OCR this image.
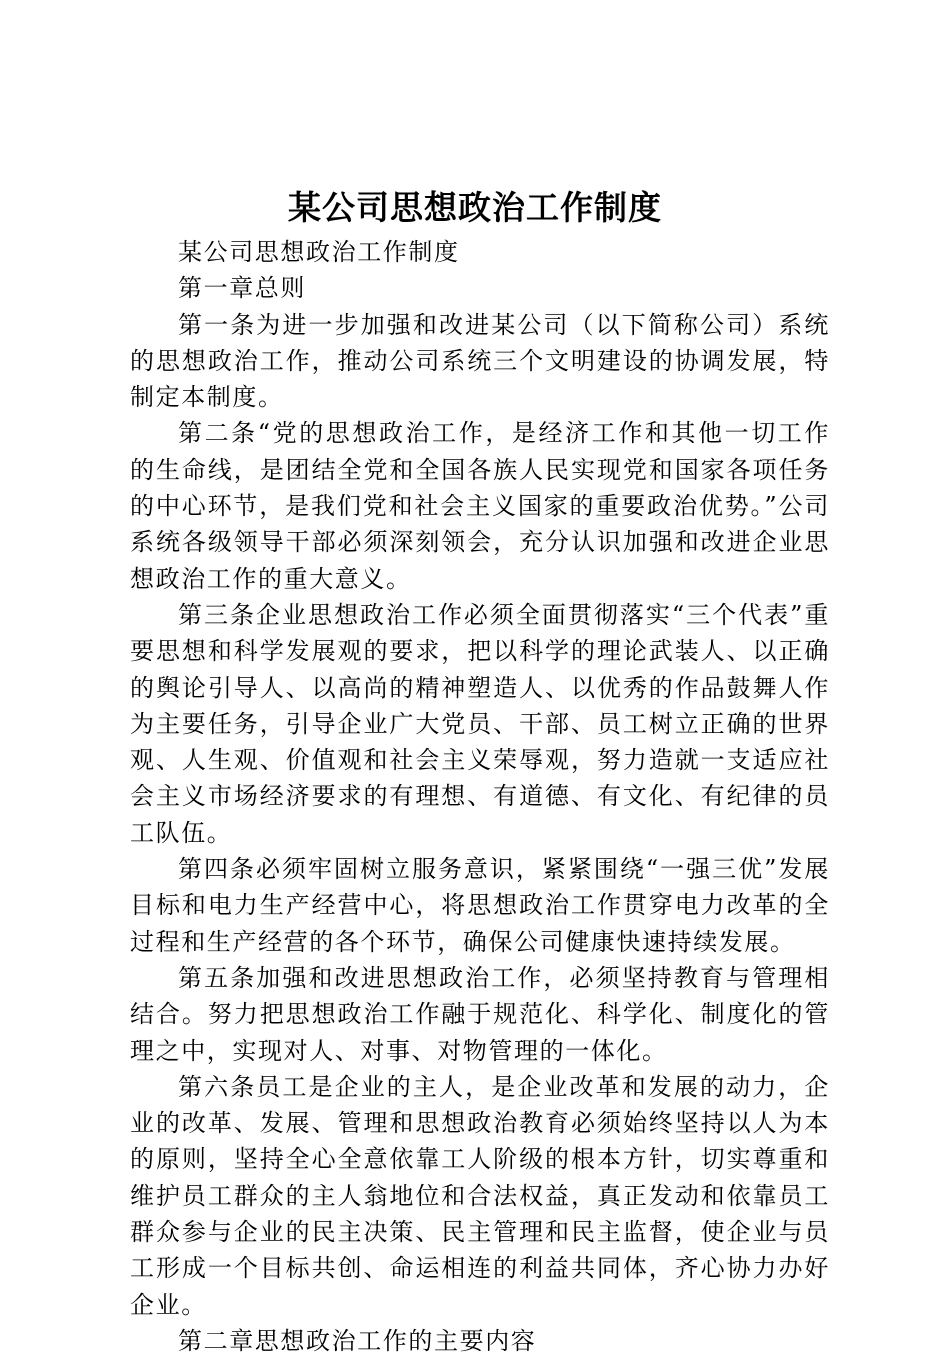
某公司思想政治工作制度

某公司思想政治工作制度

第一章总则

第一条为进一步加强和改进某公司（以下简称公司）系统的思想政治工作，推动公司系统三个文明建设的协调发展，特制定本制度。

第二条“党的思想政治工作，是经济工作和其他一切工作的生命线，是团结全党和全国各族人民实现党和国家各项任务的中心环节，是我们党和社会主义国家的重要政治优势。”公司系统各级领导干部必须深刻领会，充分认识加强和改进企业思想政治工作的重大意义。

第三条企业思想政治工作必须全面贯彻落实“三个代表”重要思想和科学发展观的要求，把以科学的理论武装人、以正确的舆论引导人、以高尚的精神塑造人、以优秀的作品鼓舞人作为主要任务，引导企业广大党员、干部、员工树立正确的世界观、人生观、价值观和社会主义荣辱观，努力造就一支适应社会主义市场经济要求的有理想、有道德、有文化、有纪律的员工队伍。

第四条必须牢固树立服务意识，紧紧围绕“一强三优”发展目标和电力生产经营中心，将思想政治工作贯穿电力改革的全过程和生产经营的各个环节，确保公司健康快速持续发展。

第五条加强和改进思想政治工作，必须坚持教育与管理相结合。努力把思想政治工作融于规范化、科学化、制度化的管理之中，实现对人、对事、对物管理的一体化。

第六条员工是企业的主人，是企业改革和发展的动力，企业的改革、发展、管理和思想政治教育必须始终坚持以人为本的原则，坚持全心全意依靠工人阶级的根本方针，切实尊重和维护员工群众的主人翁地位和合法权益，真正发动和依靠员工群众参与企业的民主决策、民主管理和民主监督，使企业与员工形成一个目标共创、命运相连的利益共同体，齐心协力办好企业。

第二章思想政治工作的主要内容
